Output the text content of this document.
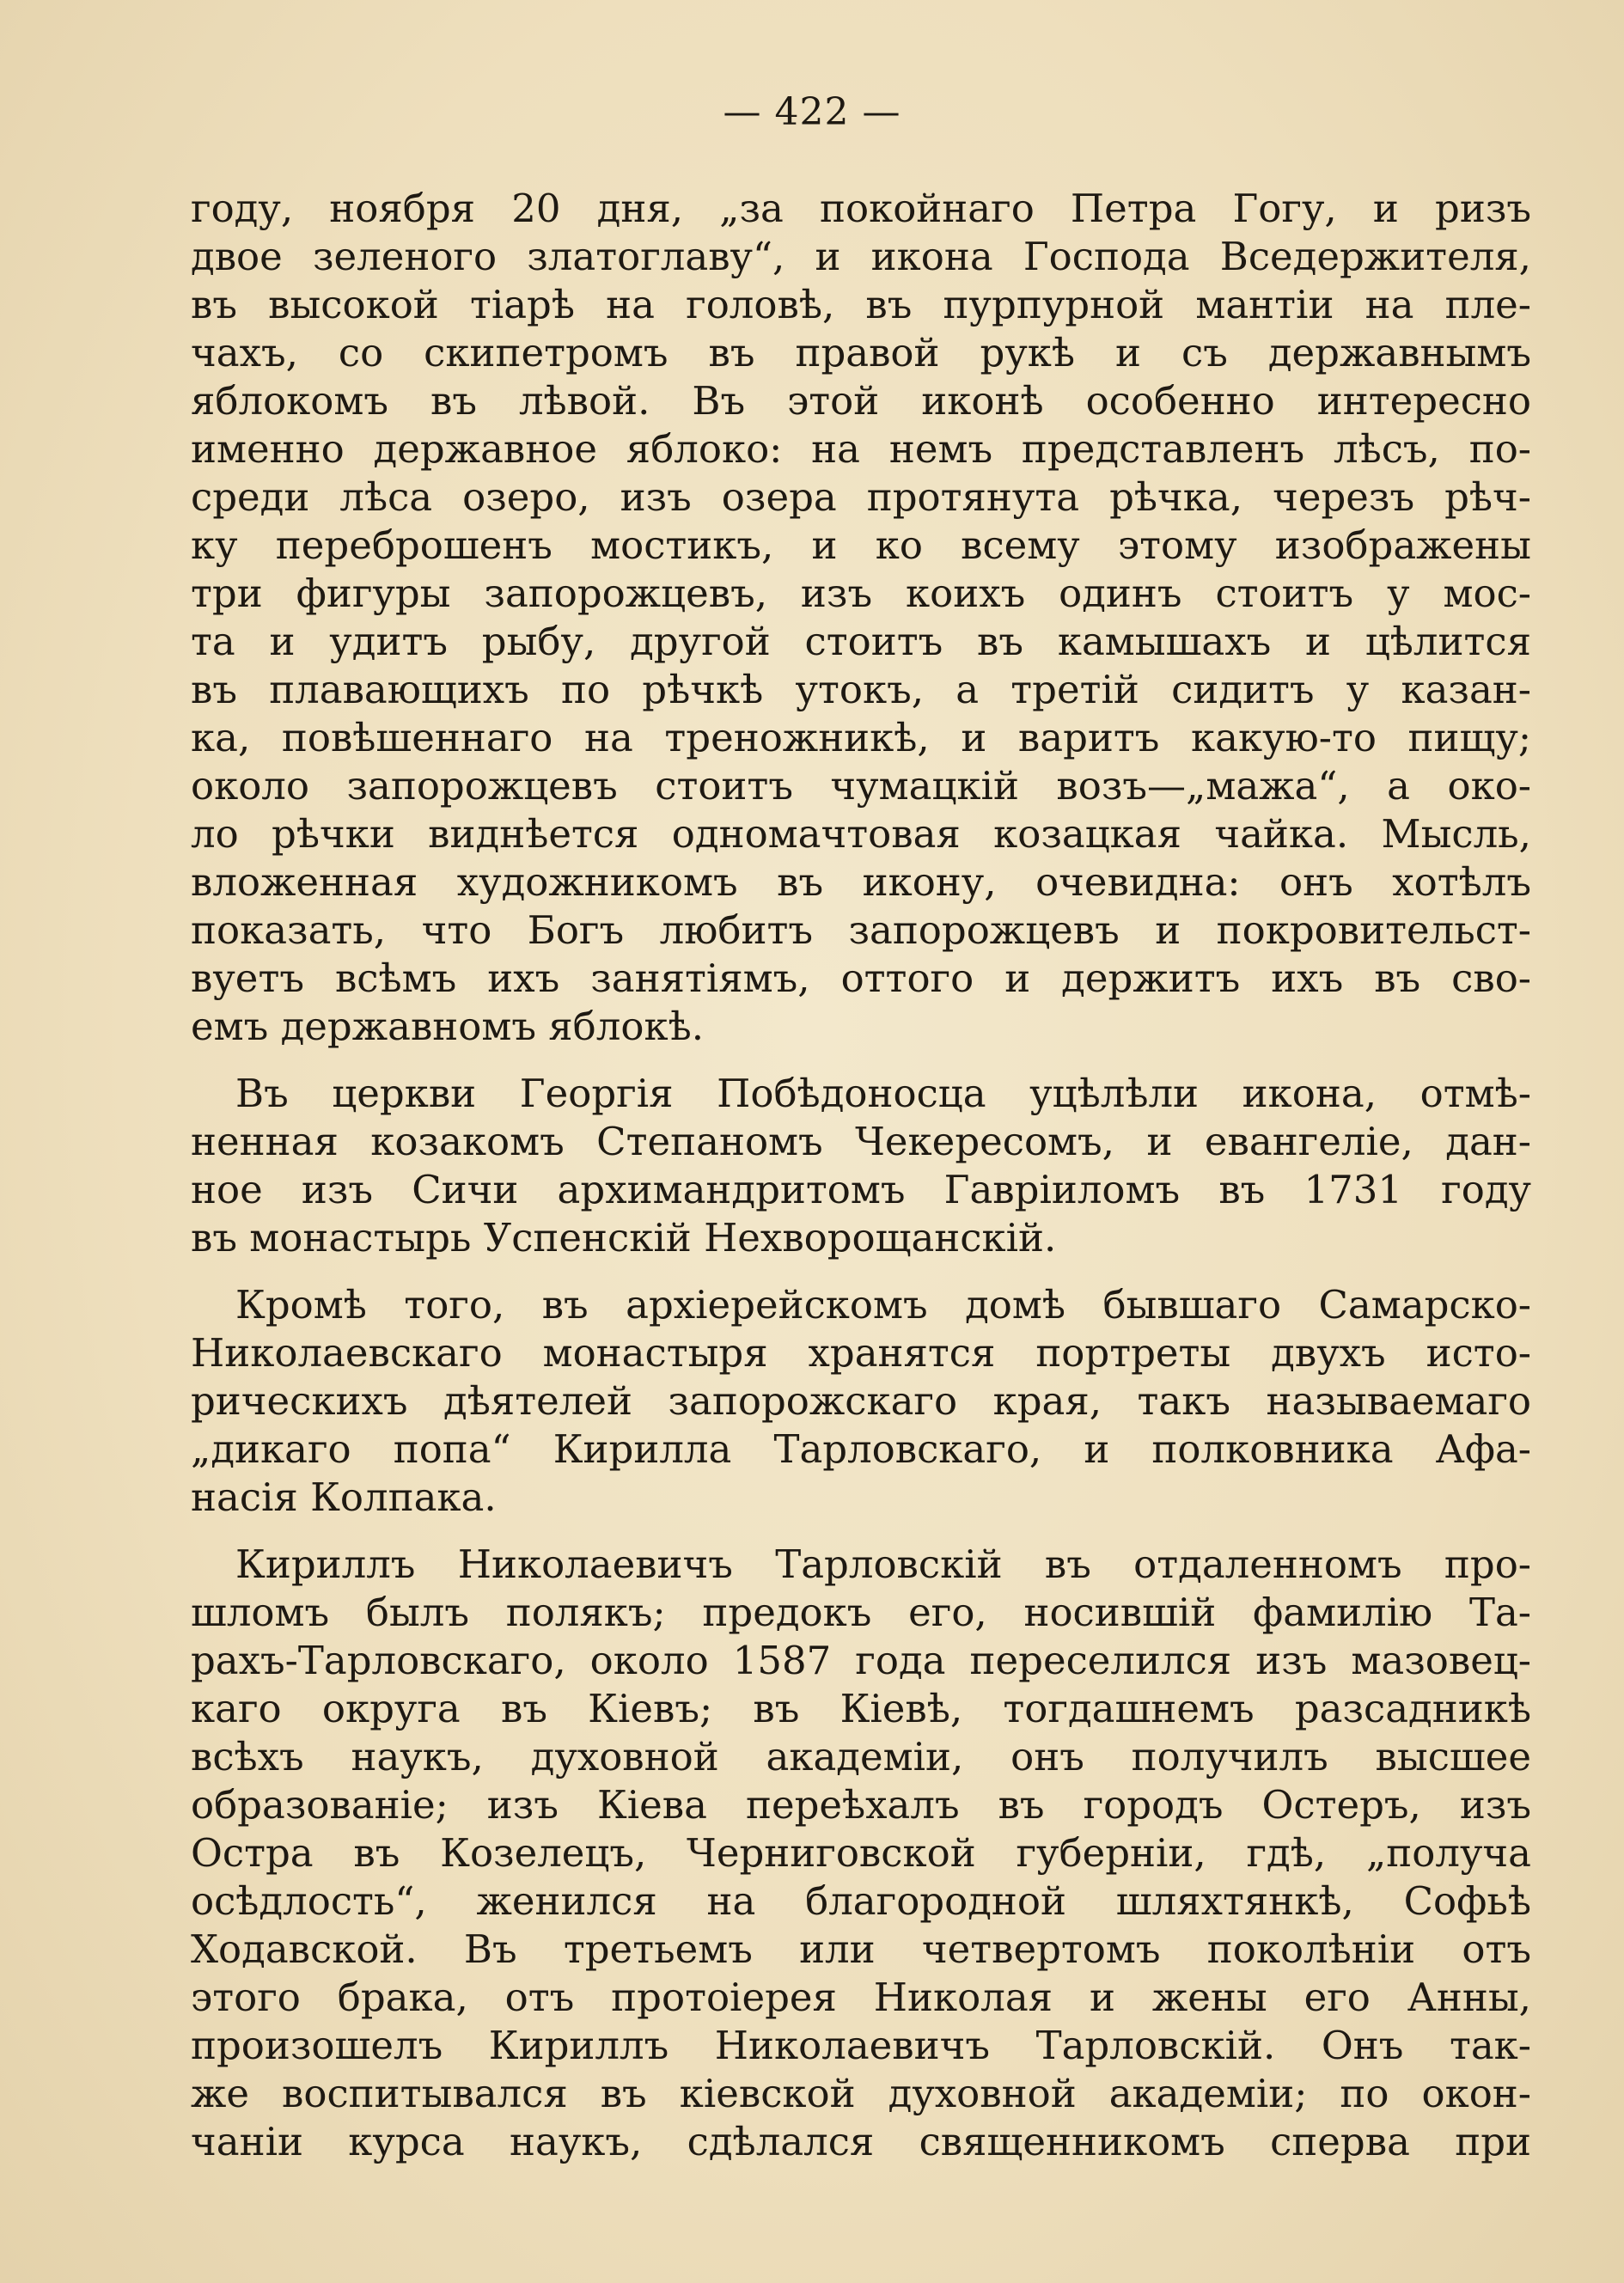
— 422 —
году, ноября 20 дня, „за покойнаго Петра Гогу, и ризъ
двое зеленого златоглаву“, и икона Господа Вседержителя,
въ высокой тіарѣ на головѣ, въ пурпурной мантіи на пле-
чахъ, со скипетромъ въ правой рукѣ и съ державнымъ
яблокомъ въ лѣвой. Въ этой иконѣ особенно интересно
именно державное яблоко: на немъ представленъ лѣсъ, по-
среди лѣса озеро, изъ озера протянута рѣчка, черезъ рѣч-
ку переброшенъ мостикъ, и ко всему этому изображены
три фигуры запорожцевъ, изъ коихъ одинъ стоитъ у мос-
та и удитъ рыбу, другой стоитъ въ камышахъ и цѣлится
въ плавающихъ по рѣчкѣ утокъ, а третій сидитъ у казан-
ка, повѣшеннаго на треножникѣ, и варитъ какую-то пищу;
около запорожцевъ стоитъ чумацкій возъ—„мажа“, а око-
ло рѣчки виднѣется одномачтовая козацкая чайка. Мысль,
вложенная художникомъ въ икону, очевидна: онъ хотѣлъ
показать, что Богъ любитъ запорожцевъ и покровительст-
вуетъ всѣмъ ихъ занятіямъ, оттого и держитъ ихъ въ сво-
емъ державномъ яблокѣ.
Въ церкви Георгія Побѣдоносца уцѣлѣли икона, отмѣ-
ненная козакомъ Степаномъ Чекересомъ, и евангеліе, дан-
ное изъ Сичи архимандритомъ Гавріиломъ въ 1731 году
въ монастырь Успенскій Нехворощанскій.
Кромѣ того, въ архіерейскомъ домѣ бывшаго Самарско-
Николаевскаго монастыря хранятся портреты двухъ исто-
рическихъ дѣятелей запорожскаго края, такъ называемаго
„дикаго попа“ Кирилла Тарловскаго, и полковника Афа-
насія Колпака.
Кириллъ Николаевичъ Тарловскій въ отдаленномъ про-
шломъ былъ полякъ; предокъ его, носившій фамилію Та-
рахъ-Тарловскаго, около 1587 года переселился изъ мазовец-
каго округа въ Кіевъ; въ Кіевѣ, тогдашнемъ разсадникѣ
всѣхъ наукъ, духовной академіи, онъ получилъ высшее
образованіе; изъ Кіева переѣхалъ въ городъ Остеръ, изъ
Остра въ Козелецъ, Черниговской губерніи, гдѣ, „получа
осѣдлость“, женился на благородной шляхтянкѣ, Софьѣ
Ходавской. Въ третьемъ или четвертомъ поколѣніи отъ
этого брака, отъ протоіерея Николая и жены его Анны,
произошелъ Кириллъ Николаевичъ Тарловскій. Онъ так-
же воспитывался въ кіевской духовной академіи; по окон-
чаніи курса наукъ, сдѣлался священникомъ сперва при
